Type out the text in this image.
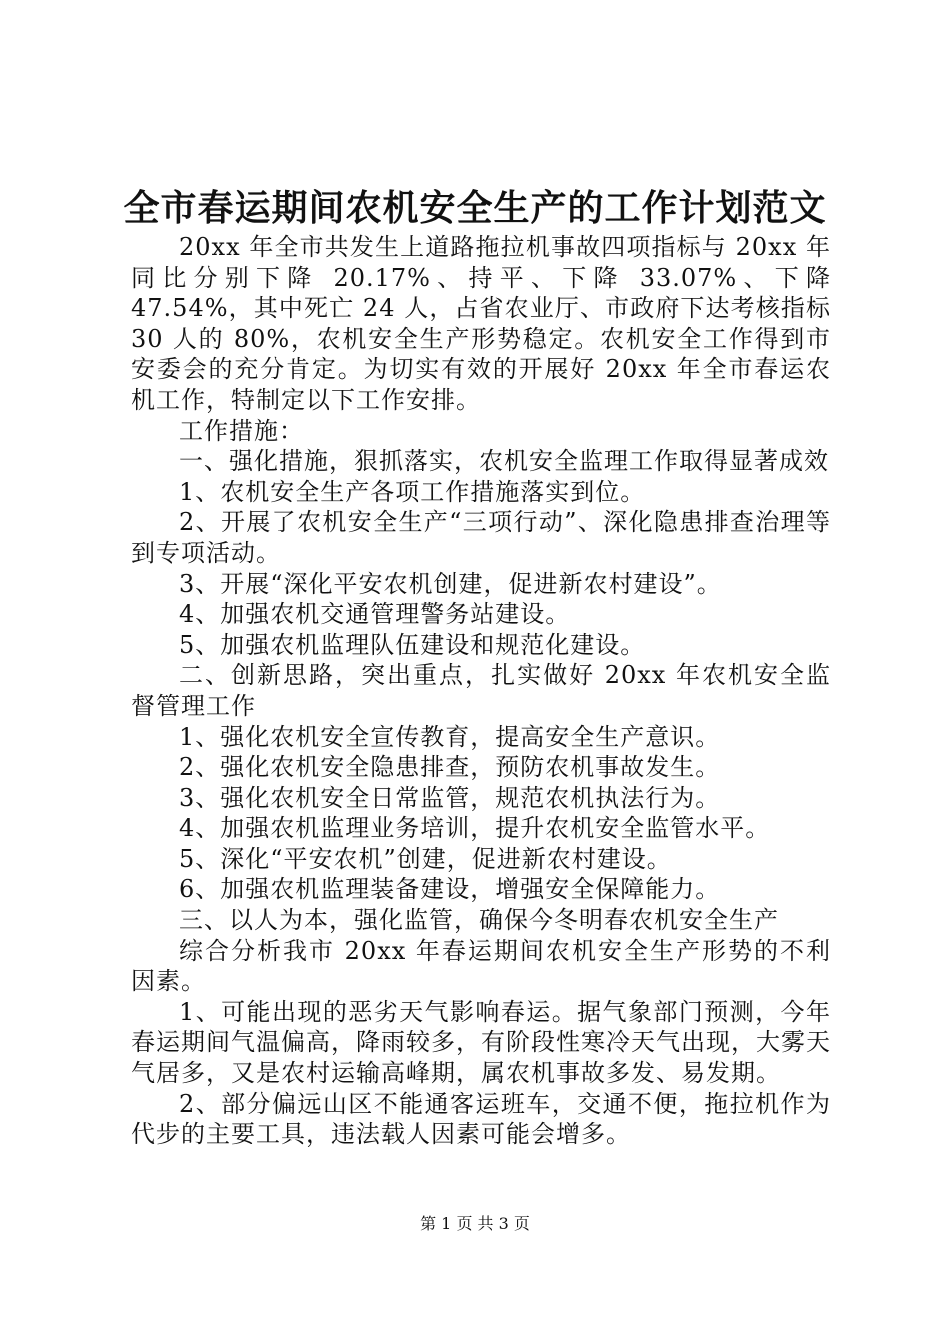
全市春运期间农机安全生产的工作计划范文

20xx 年全市共发生上道路拖拉机事故四项指标与 20xx 年同比分别下降 20.17%、持平、下降 33.07%、下降 47.54%，其中死亡 24 人，占省农业厅、市政府下达考核指标 30 人的 80%，农机安全生产形势稳定。农机安全工作得到市安委会的充分肯定。为切实有效的开展好 20xx 年全市春运农机工作，特制定以下工作安排。

工作措施：

一、强化措施，狠抓落实，农机安全监理工作取得显著成效

1、农机安全生产各项工作措施落实到位。

2、开展了农机安全生产“三项行动”、深化隐患排查治理等到专项活动。

3、开展“深化平安农机创建，促进新农村建设”。

4、加强农机交通管理警务站建设。

5、加强农机监理队伍建设和规范化建设。

二、创新思路，突出重点，扎实做好 20xx 年农机安全监督管理工作

1、强化农机安全宣传教育，提高安全生产意识。

2、强化农机安全隐患排查，预防农机事故发生。

3、强化农机安全日常监管，规范农机执法行为。

4、加强农机监理业务培训，提升农机安全监管水平。

5、深化“平安农机”创建，促进新农村建设。

6、加强农机监理装备建设，增强安全保障能力。

三、以人为本，强化监管，确保今冬明春农机安全生产

综合分析我市 20xx 年春运期间农机安全生产形势的不利因素。

1、可能出现的恶劣天气影响春运。据气象部门预测，今年春运期间气温偏高，降雨较多，有阶段性寒冷天气出现，大雾天气居多，又是农村运输高峰期，属农机事故多发、易发期。

2、部分偏远山区不能通客运班车，交通不便，拖拉机作为代步的主要工具，违法载人因素可能会增多。

第 1 页 共 3 页
